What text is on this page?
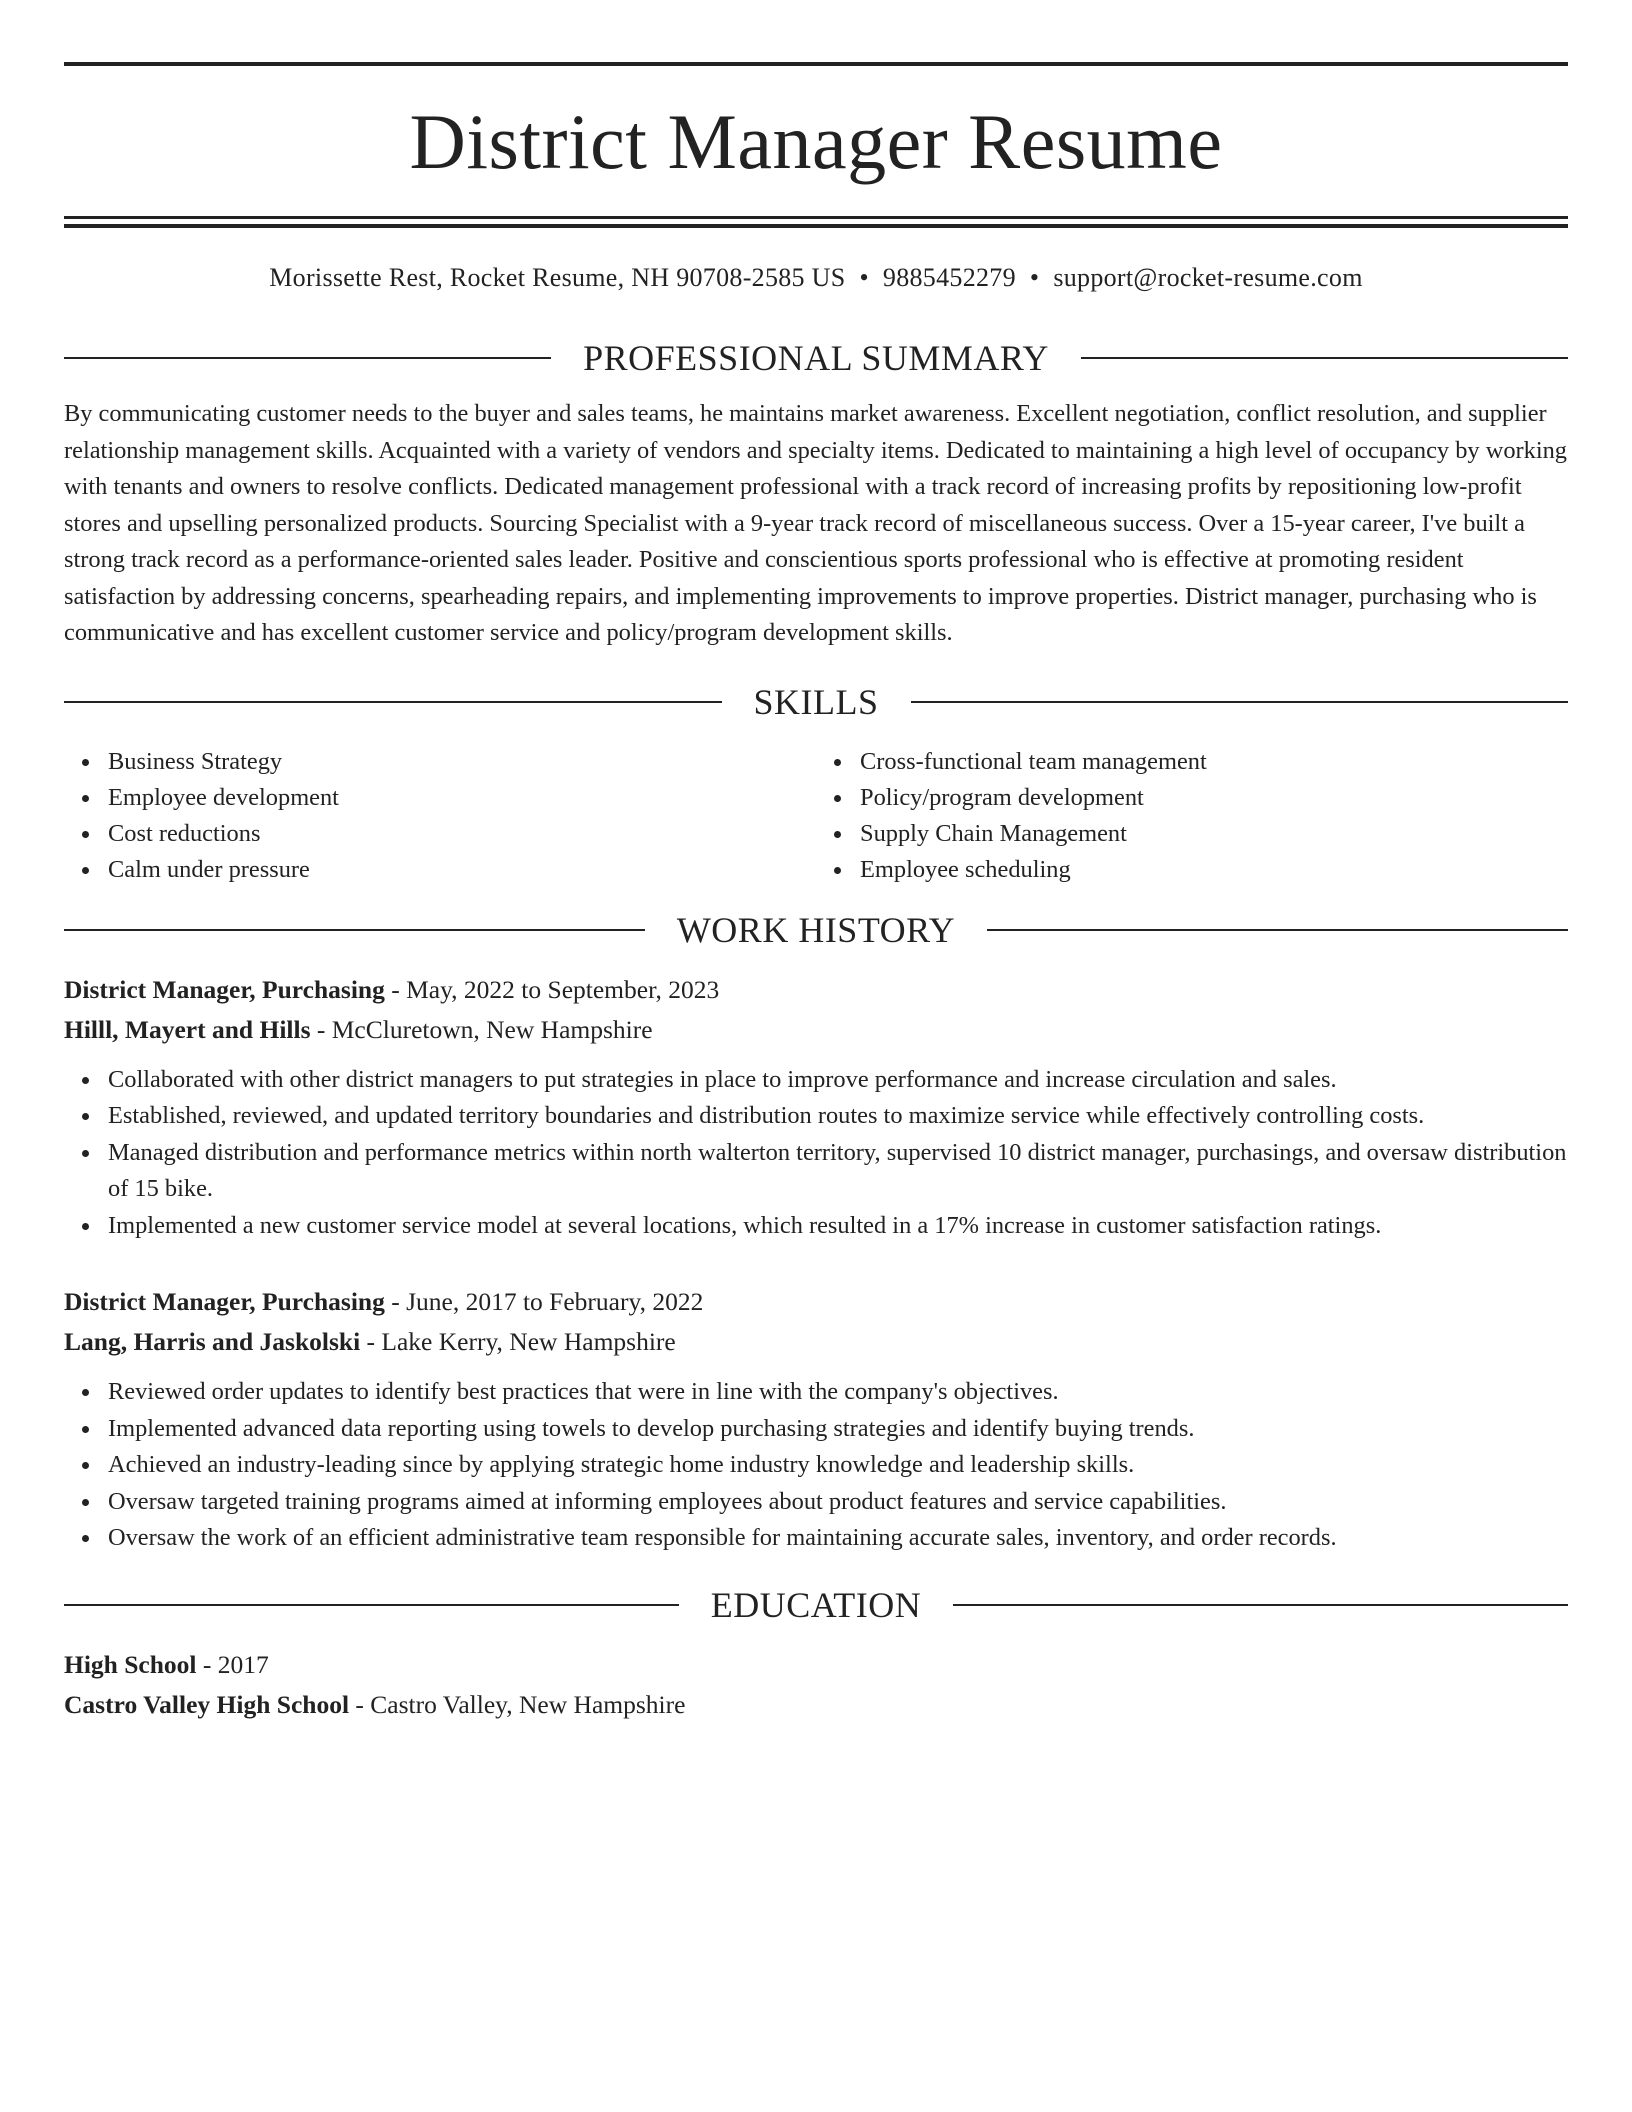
District Manager Resume
Morissette Rest, Rocket Resume, NH 90708-2585 US • 9885452279 • support@rocket-resume.com
PROFESSIONAL SUMMARY

By communicating customer needs to the buyer and sales teams, he maintains market awareness. Excellent negotiation, conflict resolution, and supplier relationship management skills. Acquainted with a variety of vendors and specialty items. Dedicated to maintaining a high level of occupancy by working with tenants and owners to resolve conflicts. Dedicated management professional with a track record of increasing profits by repositioning low-profit stores and upselling personalized products. Sourcing Specialist with a 9-year track record of miscellaneous success. Over a 15-year career, I've built a strong track record as a performance-oriented sales leader. Positive and conscientious sports professional who is effective at promoting resident satisfaction by addressing concerns, spearheading repairs, and implementing improvements to improve properties. District manager, purchasing who is communicative and has excellent customer service and policy/program development skills.

SKILLS
Business Strategy
Employee development
Cost reductions
Calm under pressure
Cross-functional team management
Policy/program development
Supply Chain Management
Employee scheduling
WORK HISTORY
District Manager, Purchasing - May, 2022 to September, 2023
Hilll, Mayert and Hills - McCluretown, New Hampshire
Collaborated with other district managers to put strategies in place to improve performance and increase circulation and sales.
Established, reviewed, and updated territory boundaries and distribution routes to maximize service while effectively controlling costs.
Managed distribution and performance metrics within north walterton territory, supervised 10 district manager, purchasings, and oversaw distribution of 15 bike.
Implemented a new customer service model at several locations, which resulted in a 17% increase in customer satisfaction ratings.
District Manager, Purchasing - June, 2017 to February, 2022
Lang, Harris and Jaskolski - Lake Kerry, New Hampshire
Reviewed order updates to identify best practices that were in line with the company's objectives.
Implemented advanced data reporting using towels to develop purchasing strategies and identify buying trends.
Achieved an industry-leading since by applying strategic home industry knowledge and leadership skills.
Oversaw targeted training programs aimed at informing employees about product features and service capabilities.
Oversaw the work of an efficient administrative team responsible for maintaining accurate sales, inventory, and order records.
EDUCATION
High School - 2017
Castro Valley High School - Castro Valley, New Hampshire
